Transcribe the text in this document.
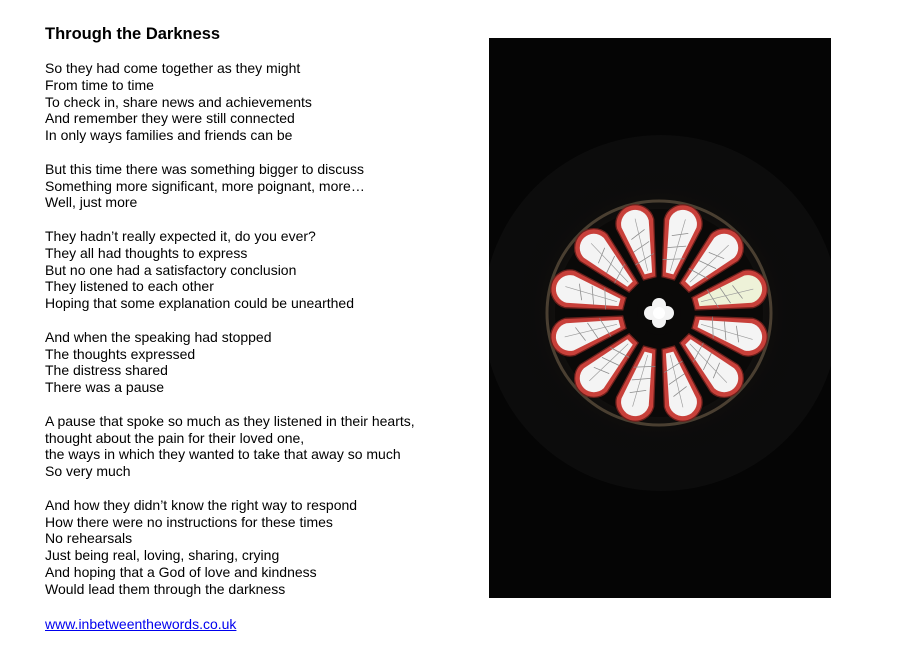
Through the Darkness
So they had come together as they might
From time to time
To check in, share news and achievements
And remember they were still connected
In only ways families and friends can be
But this time there was something bigger to discuss
Something more significant, more poignant, more…
Well, just more
They hadn’t really expected it, do you ever?
They all had thoughts to express
But no one had a satisfactory conclusion
They listened to each other
Hoping that some explanation could be unearthed
And when the speaking had stopped
The thoughts expressed
The distress shared
There was a pause
A pause that spoke so much as they listened in their hearts,
thought about the pain for their loved one,
the ways in which they wanted to take that away so much
So very much
And how they didn’t know the right way to respond
How there were no instructions for these times
No rehearsals
Just being real, loving, sharing, crying
And hoping that a God of love and kindness
Would lead them through the darkness
www.inbetweenthewords.co.uk
